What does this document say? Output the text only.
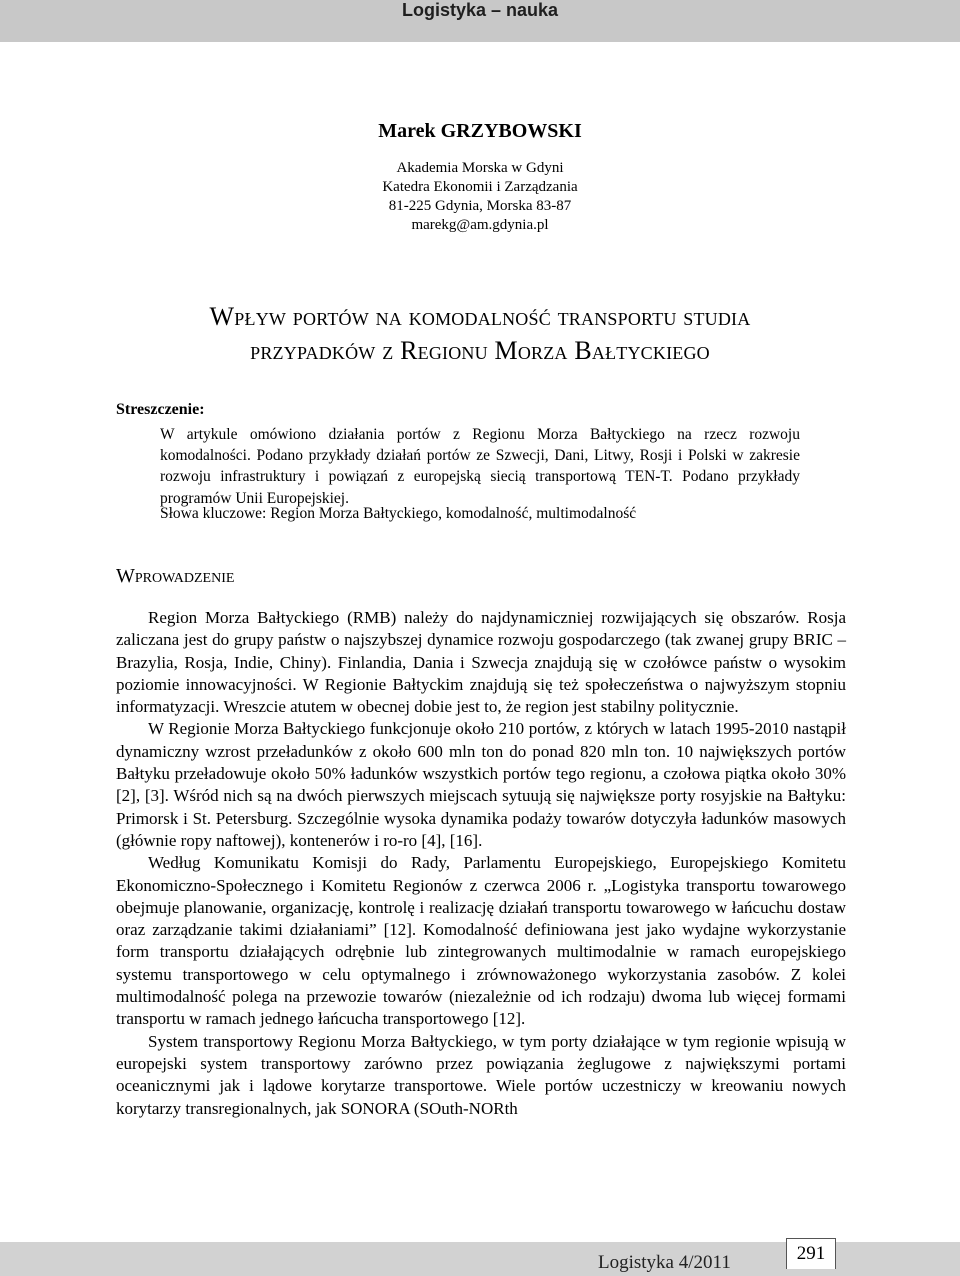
Logistyka – nauka
Marek GRZYBOWSKI
Akademia Morska w Gdyni
Katedra Ekonomii i Zarządzania
81-225 Gdynia, Morska 83-87
marekg@am.gdynia.pl
Wpływ portów na komodalność transportu studia
przypadków z Regionu Morza Bałtyckiego
Streszczenie:
W artykule omówiono działania portów z Regionu Morza Bałtyckiego na rzecz rozwoju komodalności. Podano przykłady działań portów ze Szwecji, Dani, Litwy, Rosji i Polski w zakresie rozwoju infrastruktury i powiązań z europejską siecią transportową TEN-T. Podano przykłady programów Unii Europejskiej.
Słowa kluczowe: Region Morza Bałtyckiego, komodalność, multimodalność
Wprowadzenie

Region Morza Bałtyckiego (RMB) należy do najdynamiczniej rozwijających się obszarów. Rosja zaliczana jest do grupy państw o najszybszej dynamice rozwoju gospodarczego (tak zwanej grupy BRIC – Brazylia, Rosja, Indie, Chiny). Finlandia, Dania i Szwecja znajdują się w czołówce państw o wysokim poziomie innowacyjności. W Regionie Bałtyckim znajdują się też społeczeństwa o najwyższym stopniu informatyzacji. Wreszcie atutem w obecnej dobie jest to, że region jest stabilny politycznie.

W Regionie Morza Bałtyckiego funkcjonuje około 210 portów, z których w latach 1995-2010 nastąpił dynamiczny wzrost przeładunków z około 600 mln ton do ponad 820 mln ton. 10 największych portów Bałtyku przeładowuje około 50% ładunków wszystkich portów tego regionu, a czołowa piątka około 30% [2], [3]. Wśród nich są na dwóch pierwszych miejscach sytuują się największe porty rosyjskie na Bałtyku: Primorsk i St. Petersburg. Szczególnie wysoka dynamika podaży towarów dotyczyła ładunków masowych (głównie ropy naftowej), kontenerów i ro-ro [4], [16].

Według Komunikatu Komisji do Rady, Parlamentu Europejskiego, Europejskiego Komitetu Ekonomiczno-Społecznego i Komitetu Regionów z czerwca 2006 r. „Logistyka transportu towarowego obejmuje planowanie, organizację, kontrolę i realizację działań transportu towarowego w łańcuchu dostaw oraz zarządzanie takimi działaniami” [12]. Komodalność definiowana jest jako wydajne wykorzystanie form transportu działających odrębnie lub zintegrowanych multimodalnie w ramach europejskiego systemu transportowego w celu optymalnego i zrównoważonego wykorzystania zasobów. Z kolei multimodalność polega na przewozie towarów (niezależnie od ich rodzaju) dwoma lub więcej formami transportu w ramach jednego łańcucha transportowego [12].

System transportowy Regionu Morza Bałtyckiego, w tym porty działające w tym regionie wpisują w europejski system transportowy zarówno przez powiązania żeglugowe z największymi portami oceanicznymi jak i lądowe korytarze transportowe. Wiele portów uczestniczy w kreowaniu nowych korytarzy transregionalnych, jak SONORA (SOuth-NORth

Logistyka 4/2011	291
